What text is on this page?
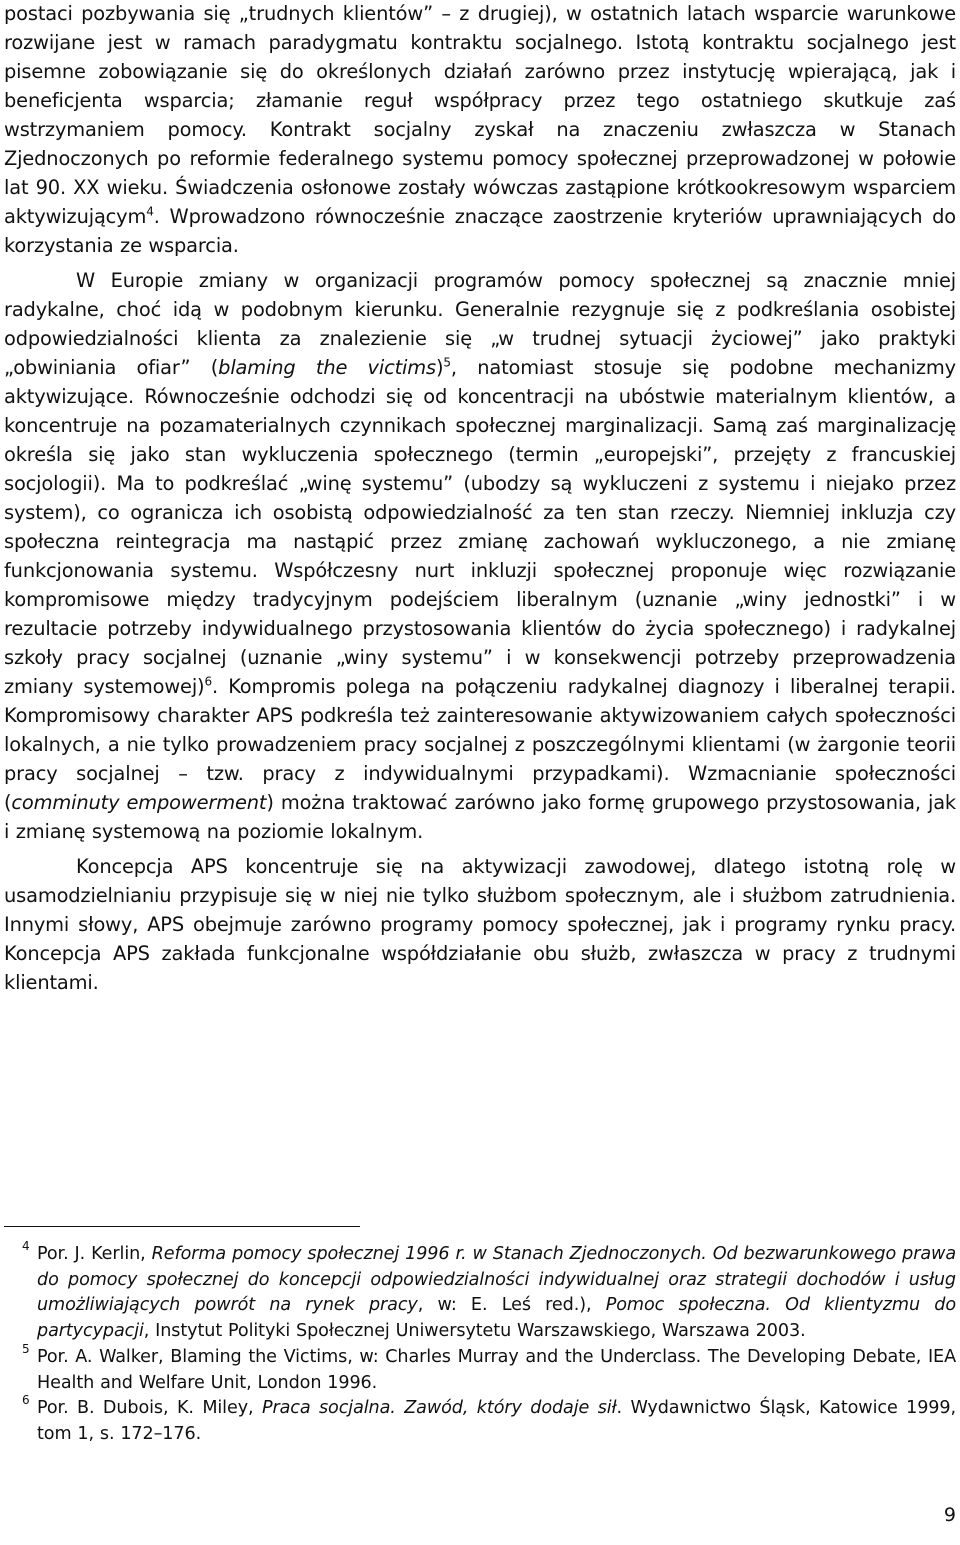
postaci pozbywania się „trudnych klientów” – z drugiej), w ostatnich latach wsparcie warunkowe rozwijane jest w ramach paradygmatu kontraktu socjalnego. Istotą kontraktu socjalnego jest pisemne zobowiązanie się do określonych działań zarówno przez instytucję wpierającą, jak i beneficjenta wsparcia; złamanie reguł współpracy przez tego ostatniego skutkuje zaś wstrzymaniem pomocy. Kontrakt socjalny zyskał na znaczeniu zwłaszcza w Stanach Zjednoczonych po reformie federalnego systemu pomocy społecznej przeprowadzonej w połowie lat 90. XX wieku. Świadczenia osłonowe zostały wówczas zastąpione krótkookresowym wsparciem aktywizującym$^4$. Wprowadzono równocześnie znaczące zaostrzenie kryteriów uprawniających do korzystania ze wsparcia.

W Europie zmiany w organizacji programów pomocy społecznej są znacznie mniej radykalne, choć idą w podobnym kierunku. Generalnie rezygnuje się z podkreślania osobistej odpowiedzialności klienta za znalezienie się „w trudnej sytuacji życiowej” jako praktyki „obwiniania ofiar” (blaming the victims)$^5$, natomiast stosuje się podobne mechanizmy aktywizujące. Równocześnie odchodzi się od koncentracji na ubóstwie materialnym klientów, a koncentruje na pozamaterialnych czynnikach społecznej marginalizacji. Samą zaś marginalizację określa się jako stan wykluczenia społecznego (termin „europejski”, przejęty z francuskiej socjologii). Ma to podkreślać „winę systemu” (ubodzy są wykluczeni z systemu i niejako przez system), co ogranicza ich osobistą odpowiedzialność za ten stan rzeczy. Niemniej inkluzja czy społeczna reintegracja ma nastąpić przez zmianę zachowań wykluczonego, a nie zmianę funkcjonowania systemu. Współczesny nurt inkluzji społecznej proponuje więc rozwiązanie kompromisowe między tradycyjnym podejściem liberalnym (uznanie „winy jednostki” i w rezultacie potrzeby indywidualnego przystosowania klientów do życia społecznego) i radykalnej szkoły pracy socjalnej (uznanie „winy systemu” i w konsekwencji potrzeby przeprowadzenia zmiany systemowej)$^6$. Kompromis polega na połączeniu radykalnej diagnozy i liberalnej terapii. Kompromisowy charakter APS podkreśla też zainteresowanie aktywizowaniem całych społeczności lokalnych, a nie tylko prowadzeniem pracy socjalnej z poszczególnymi klientami (w żargonie teorii pracy socjalnej – tzw. pracy z indywidualnymi przypadkami). Wzmacnianie społeczności (comminuty empowerment) można traktować zarówno jako formę grupowego przystosowania, jak i zmianę systemową na poziomie lokalnym.

Koncepcja APS koncentruje się na aktywizacji zawodowej, dlatego istotną rolę w usamodzielnianiu przypisuje się w niej nie tylko służbom społecznym, ale i służbom zatrudnienia. Innymi słowy, APS obejmuje zarówno programy pomocy społecznej, jak i programy rynku pracy. Koncepcja APS zakłada funkcjonalne współdziałanie obu służb, zwłaszcza w pracy z trudnymi klientami.

4 Por. J. Kerlin, Reforma pomocy społecznej 1996 r. w Stanach Zjednoczonych. Od bezwarunkowego prawa do pomocy społecznej do koncepcji odpowiedzialności indywidualnej oraz strategii dochodów i usług umożliwiających powrót na rynek pracy, w: E. Leś red.), Pomoc społeczna. Od klientyzmu do partycypacji, Instytut Polityki Społecznej Uniwersytetu Warszawskiego, Warszawa 2003.
5 Por. A. Walker, Blaming the Victims, w: Charles Murray and the Underclass. The Developing Debate, IEA Health and Welfare Unit, London 1996.
6 Por. B. Dubois, K. Miley, Praca socjalna. Zawód, który dodaje sił. Wydawnictwo Śląsk, Katowice 1999, tom 1, s. 172–176.
9
